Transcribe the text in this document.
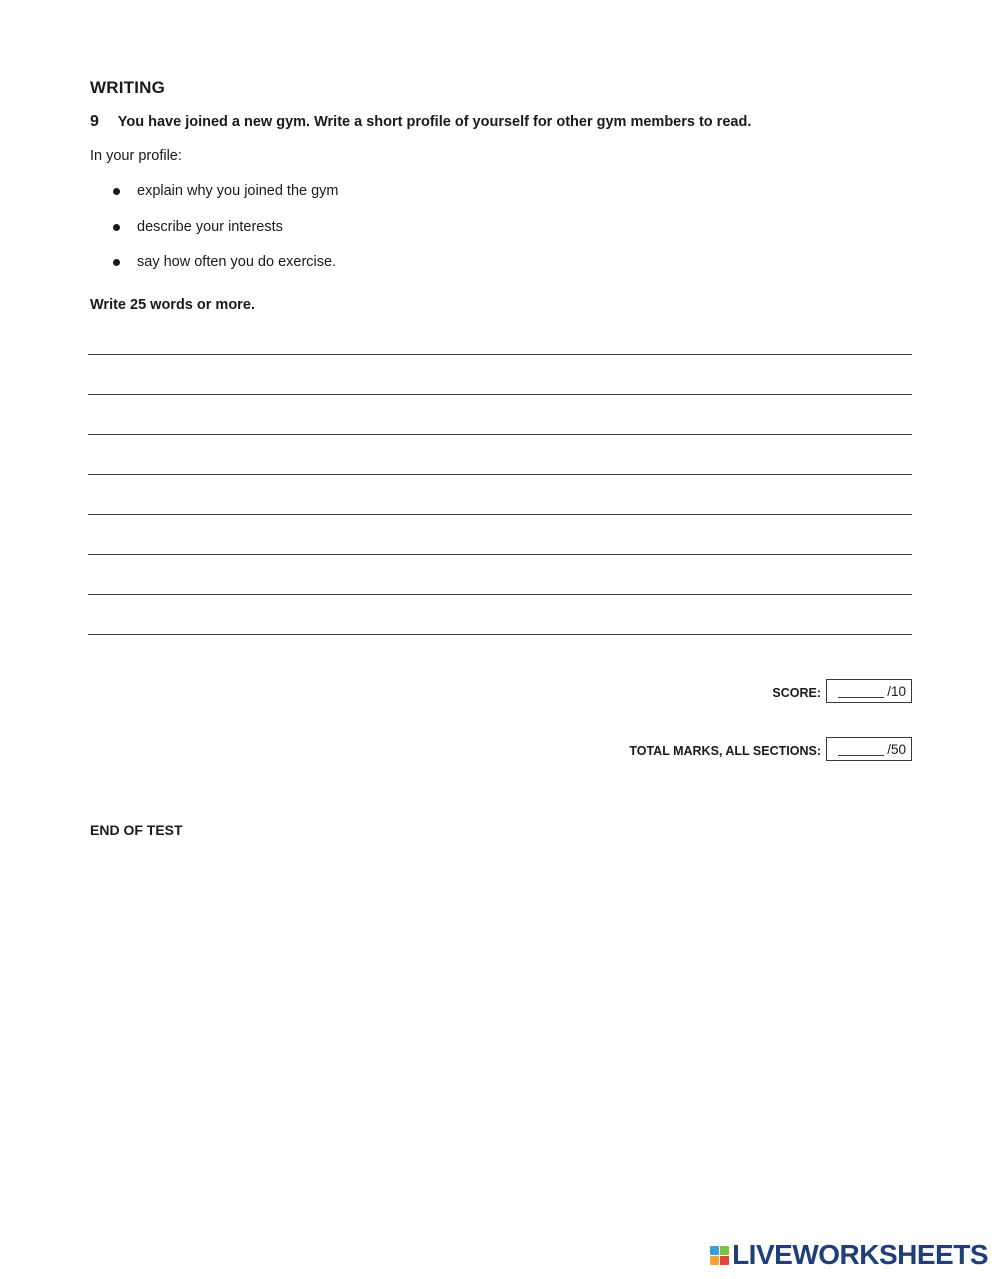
WRITING
9 You have joined a new gym. Write a short profile of yourself for other gym members to read.
In your profile:
explain why you joined the gym
describe your interests
say how often you do exercise.
Write 25 words or more.
SCORE:	/10
TOTAL MARKS, ALL SECTIONS:	/50
END OF TEST
LIVEWORKSHEETS
